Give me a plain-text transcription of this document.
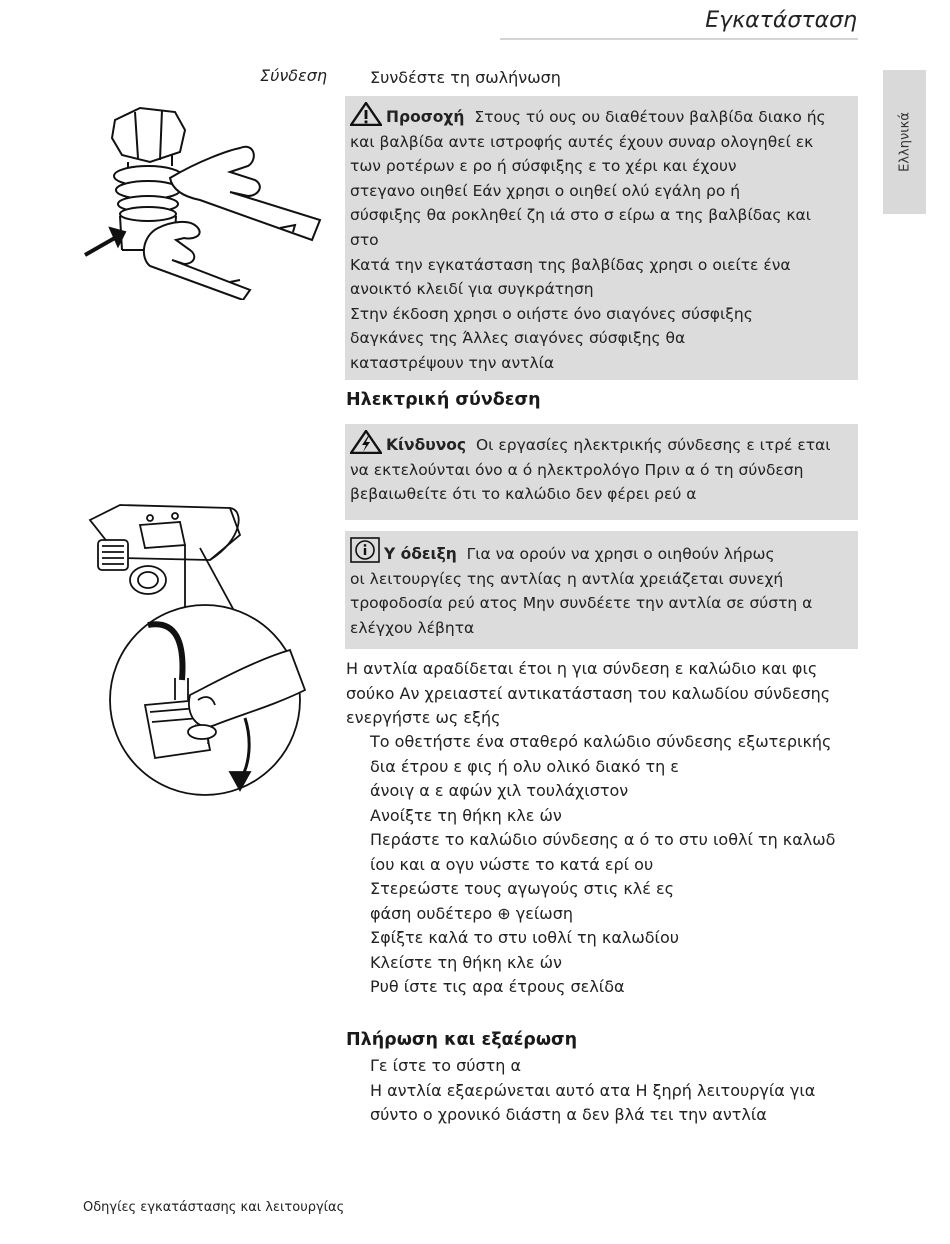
Εγκατάσταση
Ελληνικά
Σύνδεση	Συνδέστε τη σωλήνωση
Προσοχή Στους τύ ους ου διαθέτουν βαλβίδα διακο ής
και βαλβίδα αντε ιστροφής αυτές έχουν συναρ ολογηθεί εκ
των ροτέρων ε ρο ή σύσφιξης ε το χέρι και έχουν
στεγανο οιηθεί Εάν χρησι ο οιηθεί ολύ εγάλη ρο ή
σύσφιξης θα ροκληθεί ζη ιά στο σ είρω α της βαλβίδας και
στο
Κατά την εγκατάσταση της βαλβίδας χρησι ο οιείτε ένα
ανοικτό κλειδί για συγκράτηση
Στην έκδοση χρησι ο οιήστε όνο σιαγόνες σύσφιξης
δαγκάνες της Άλλες σιαγόνες σύσφιξης θα
καταστρέψουν την αντλία
Ηλεκτρική σύνδεση
Κίνδυνος Οι εργασίες ηλεκτρικής σύνδεσης ε ιτρέ εται
να εκτελούνται όνο α ό ηλεκτρολόγο Πριν α ό τη σύνδεση
βεβαιωθείτε ότι το καλώδιο δεν φέρει ρεύ α
Υ όδειξη Για να ορούν να χρησι ο οιηθούν λήρως
οι λειτουργίες της αντλίας η αντλία χρειάζεται συνεχή
τροφοδοσία ρεύ ατος Μην συνδέετε την αντλία σε σύστη α
ελέγχου λέβητα
Η αντλία αραδίδεται έτοι η για σύνδεση ε καλώδιο και φις
σούκο Αν χρειαστεί αντικατάσταση του καλωδίου σύνδεσης
ενεργήστε ως εξής
Το οθετήστε ένα σταθερό καλώδιο σύνδεσης εξωτερικής
δια έτρου ε φις ή ολυ ολικό διακό τη ε
άνοιγ α ε αφών χιλ τουλάχιστον
Ανοίξτε τη θήκη κλε ών
Περάστε το καλώδιο σύνδεσης α ό το στυ ιοθλί τη καλωδ
ίου και α ογυ νώστε το κατά ερί ου
Στερεώστε τους αγωγούς στις κλέ ες
φάση ουδέτερο ⊕ γείωση
Σφίξτε καλά το στυ ιοθλί τη καλωδίου
Κλείστε τη θήκη κλε ών
Ρυθ ίστε τις αρα έτρους σελίδα
Πλήρωση και εξαέρωση
Γε ίστε το σύστη α
Η αντλία εξαερώνεται αυτό ατα Η ξηρή λειτουργία για
σύντο ο χρονικό διάστη α δεν βλά τει την αντλία
Οδηγίες εγκατάστασης και λειτουργίας
